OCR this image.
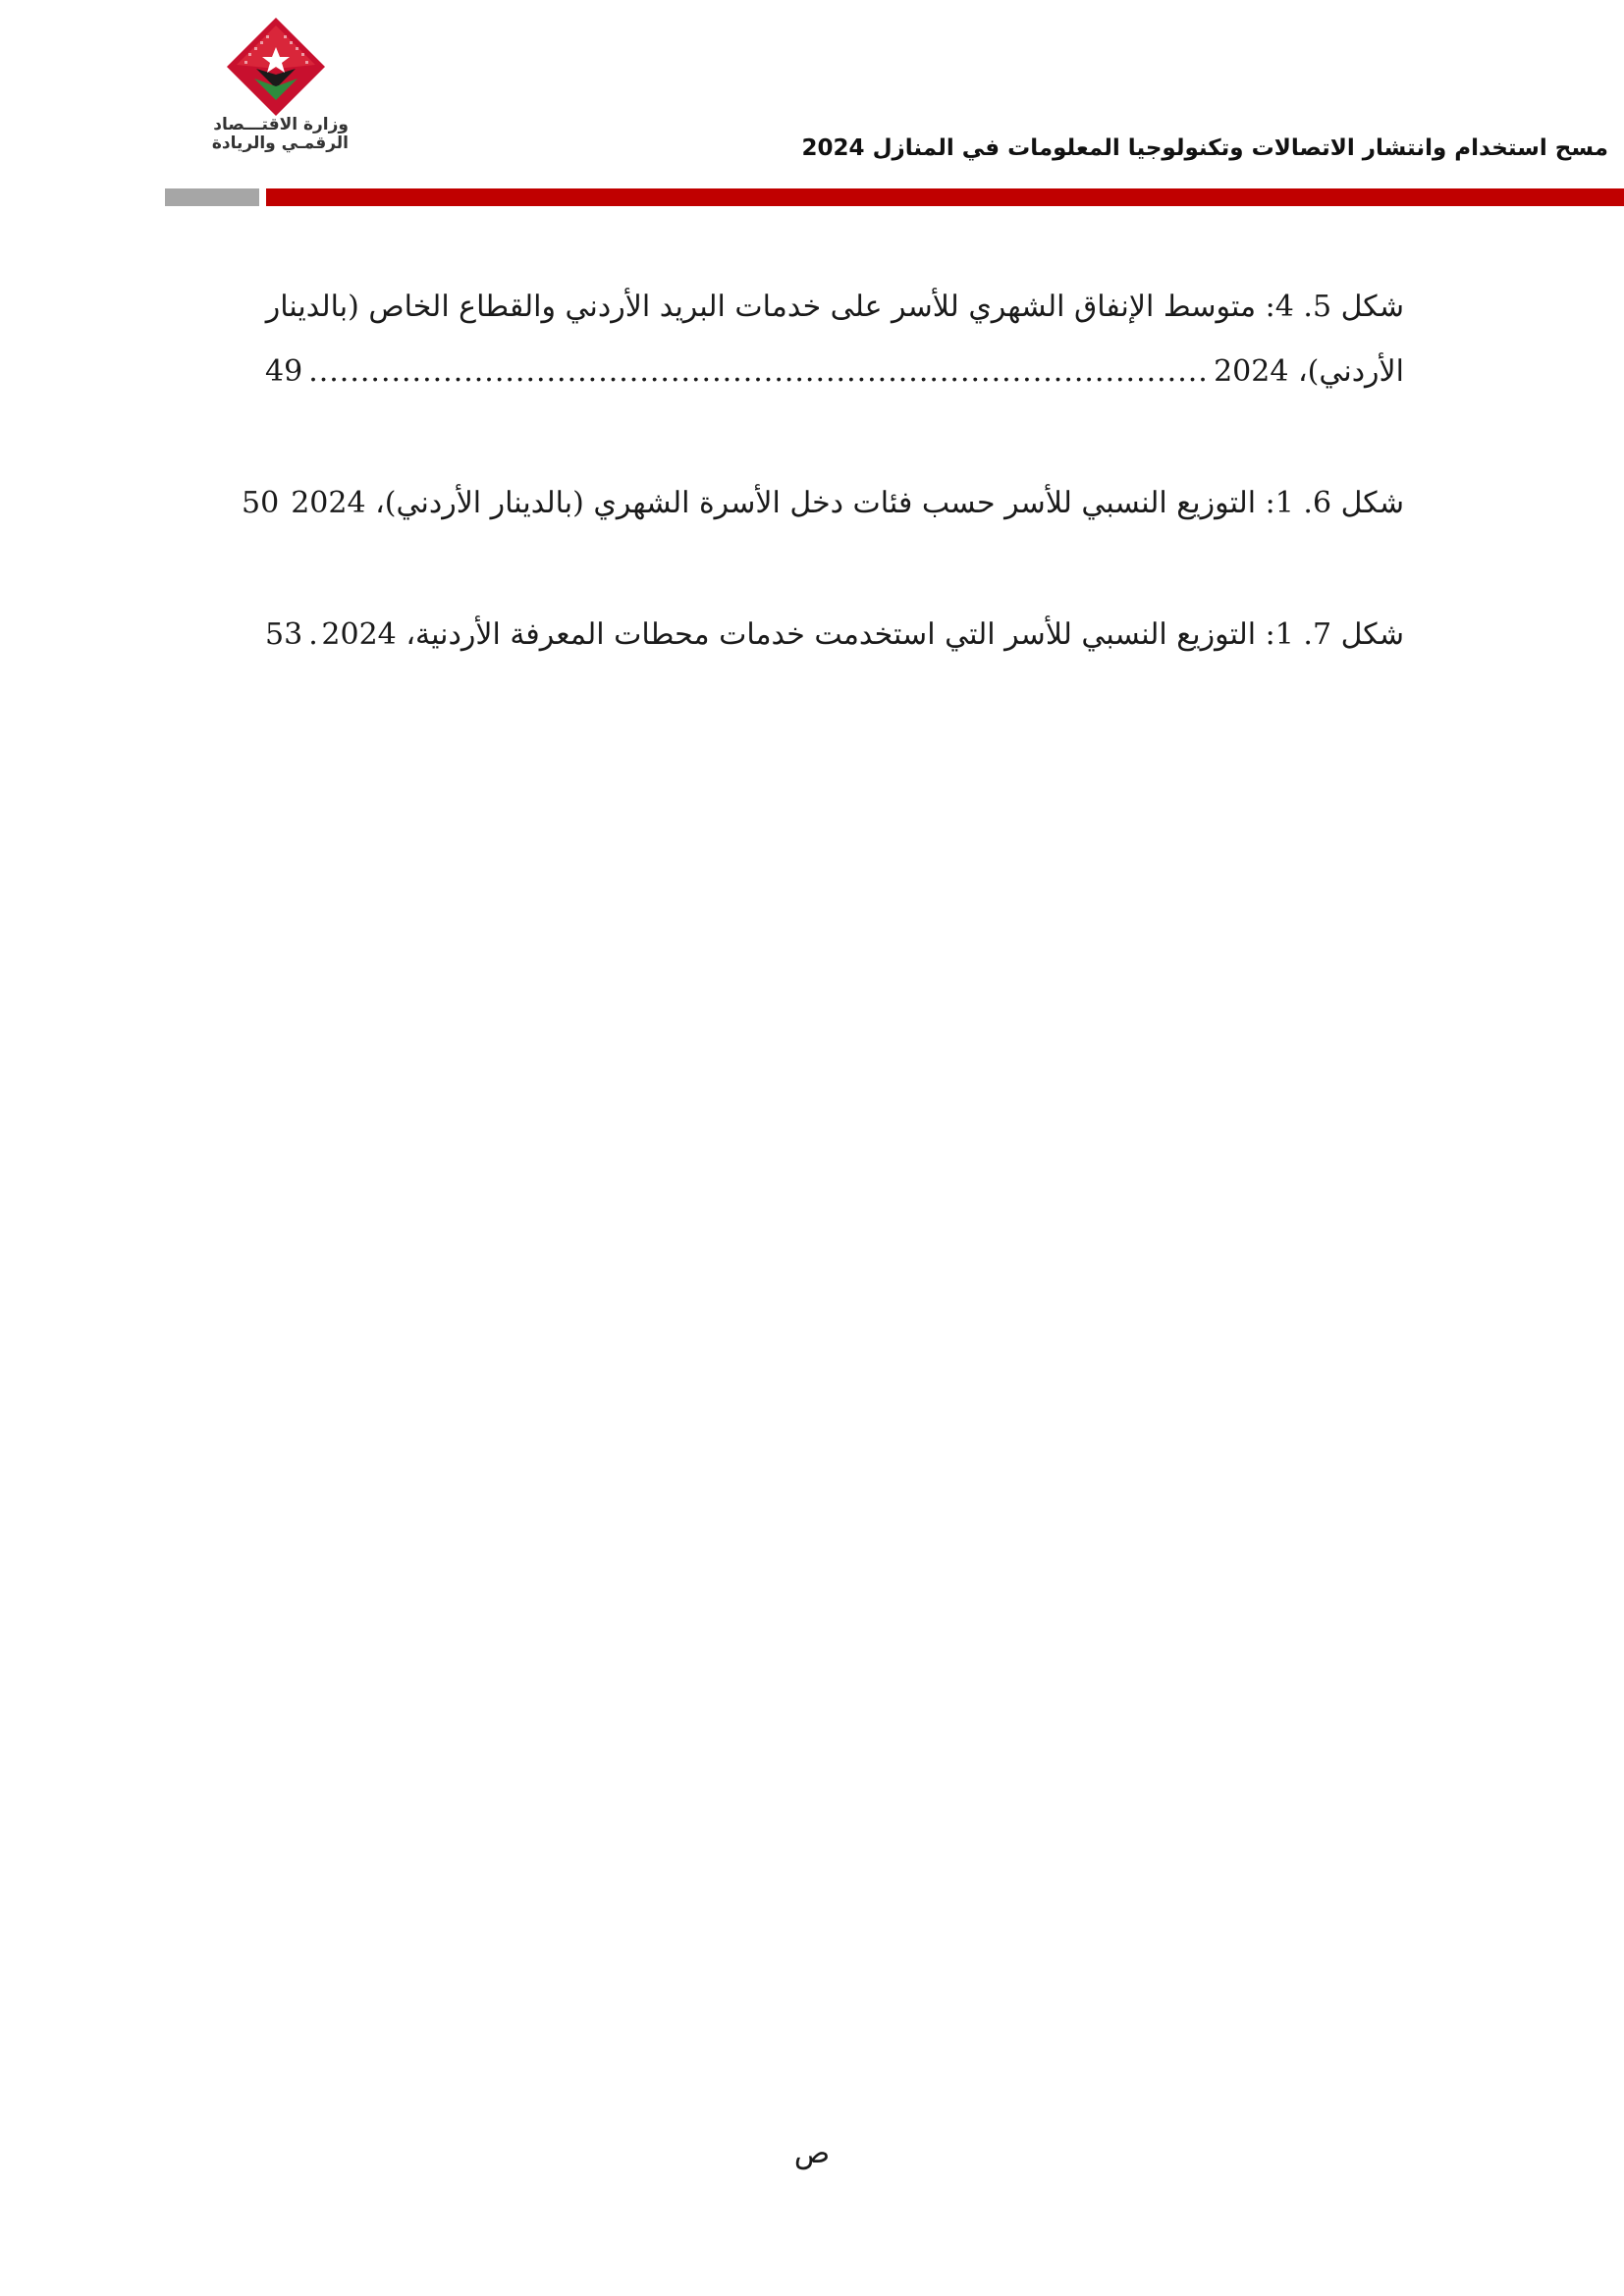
وزارة الاقتـــصاد
الرقمـي والريادة	مسح استخدام وانتشار الاتصالات وتكنولوجيا المعلومات في المنازل 2024
شكل 5. 4: متوسط الإنفاق الشهري للأسر على خدمات البريد الأردني والقطاع الخاص (بالدينار
الأردني)، 2024
.....
49
شكل 6. 1: التوزيع النسبي للأسر حسب فئات دخل الأسرة الشهري (بالدينار الأردني)، 2024
50
شكل 7. 1: التوزيع النسبي للأسر التي استخدمت خدمات محطات المعرفة الأردنية، 2024
.....
53
ص
